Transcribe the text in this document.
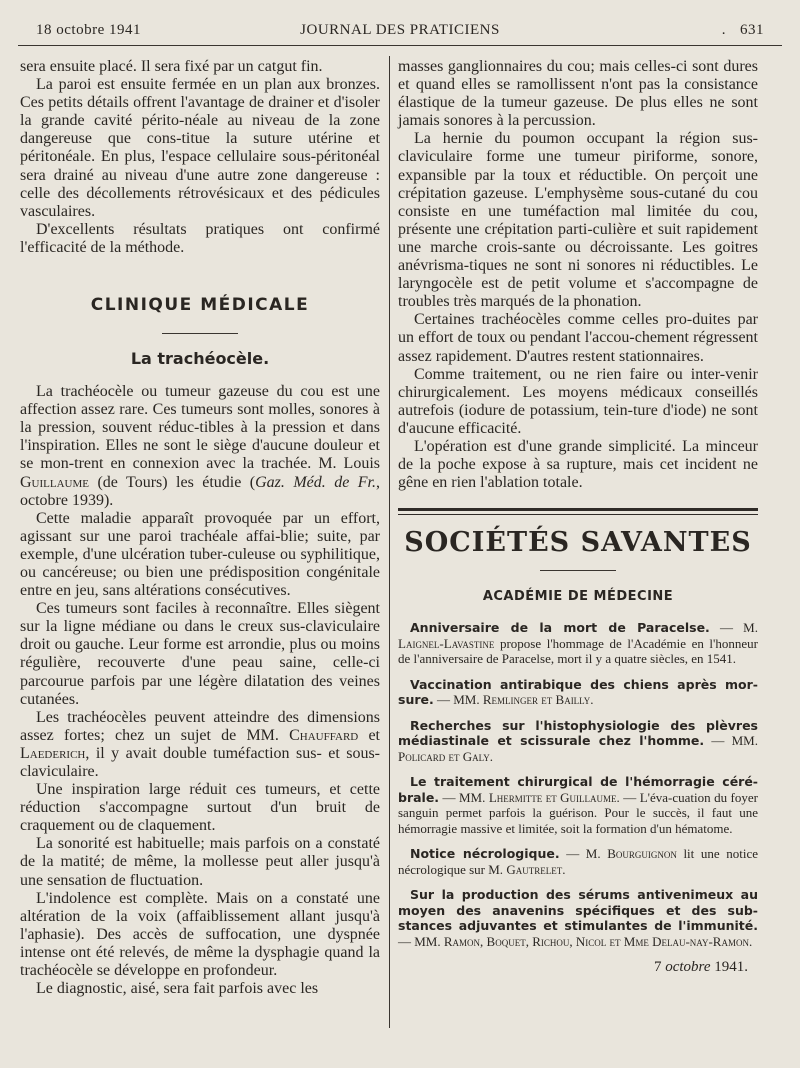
18 octobre 1941	JOURNAL DES PRATICIENS	. 631

sera ensuite placé. Il sera fixé par un catgut fin.

La paroi est ensuite fermée en un plan aux bronzes. Ces petits détails offrent l'avantage de drainer et d'isoler la grande cavité périto-néale au niveau de la zone dangereuse que cons-titue la suture utérine et péritonéale. En plus, l'espace cellulaire sous-péritonéal sera drainé au niveau d'une autre zone dangereuse : celle des décollements rétrovésicaux et des pédicules vasculaires.

D'excellents résultats pratiques ont confirmé l'efficacité de la méthode.

CLINIQUE MÉDICALE
La trachéocèle.

La trachéocèle ou tumeur gazeuse du cou est une affection assez rare. Ces tumeurs sont molles, sonores à la pression, souvent réduc-tibles à la pression et dans l'inspiration. Elles ne sont le siège d'aucune douleur et se mon-trent en connexion avec la trachée. M. Louis Guillaume (de Tours) les étudie (Gaz. Méd. de Fr., octobre 1939).

Cette maladie apparaît provoquée par un effort, agissant sur une paroi trachéale affai-blie; suite, par exemple, d'une ulcération tuber-culeuse ou syphilitique, ou cancéreuse; ou bien une prédisposition congénitale entre en jeu, sans altérations consécutives.

Ces tumeurs sont faciles à reconnaître. Elles siègent sur la ligne médiane ou dans le creux sus-claviculaire droit ou gauche. Leur forme est arrondie, plus ou moins régulière, recouverte d'une peau saine, celle-ci parcourue parfois par une légère dilatation des veines cutanées.

Les trachéocèles peuvent atteindre des dimensions assez fortes; chez un sujet de MM. Chauffard et Laederich, il y avait double tuméfaction sus- et sous-claviculaire.

Une inspiration large réduit ces tumeurs, et cette réduction s'accompagne surtout d'un bruit de craquement ou de claquement.

La sonorité est habituelle; mais parfois on a constaté de la matité; de même, la mollesse peut aller jusqu'à une sensation de fluctuation.

L'indolence est complète. Mais on a constaté une altération de la voix (affaiblissement allant jusqu'à l'aphasie). Des accès de suffocation, une dyspnée intense ont été relevés, de même la dysphagie quand la trachéocèle se développe en profondeur.

Le diagnostic, aisé, sera fait parfois avec les

masses ganglionnaires du cou; mais celles-ci sont dures et quand elles se ramollissent n'ont pas la consistance élastique de la tumeur gazeuse. De plus elles ne sont jamais sonores à la percussion.

La hernie du poumon occupant la région sus-claviculaire forme une tumeur piriforme, sonore, expansible par la toux et réductible. On perçoit une crépitation gazeuse. L'emphysème sous-cutané du cou consiste en une tuméfaction mal limitée du cou, présente une crépitation parti-culière et suit rapidement une marche crois-sante ou décroissante. Les goitres anévrisma-tiques ne sont ni sonores ni réductibles. Le laryngocèle est de petit volume et s'accompagne de troubles très marqués de la phonation.

Certaines trachéocèles comme celles pro-duites par un effort de toux ou pendant l'accou-chement régressent assez rapidement. D'autres restent stationnaires.

Comme traitement, ou ne rien faire ou inter-venir chirurgicalement. Les moyens médicaux conseillés autrefois (iodure de potassium, tein-ture d'iode) ne sont d'aucune efficacité.

L'opération est d'une grande simplicité. La minceur de la poche expose à sa rupture, mais cet incident ne gêne en rien l'ablation totale.

SOCIÉTÉS SAVANTES
ACADÉMIE DE MÉDECINE

Anniversaire de la mort de Paracelse. — M. Laignel-Lavastine propose l'hommage de l'Académie en l'honneur de l'anniversaire de Paracelse, mort il y a quatre siècles, en 1541.

Vaccination antirabique des chiens après mor-sure. — MM. Remlinger et Bailly.

Recherches sur l'histophysiologie des plèvres médiastinale et scissurale chez l'homme. — MM. Policard et Galy.

Le traitement chirurgical de l'hémorragie céré-brale. — MM. Lhermitte et Guillaume. — L'éva-cuation du foyer sanguin permet parfois la guérison. Pour le succès, il faut une hémorragie massive et limitée, soit la formation d'un hématome.

Notice nécrologique. — M. Bourguignon lit une notice nécrologique sur M. Gautrelet.

Sur la production des sérums antivenimeux au moyen des anavenins spécifiques et des sub-stances adjuvantes et stimulantes de l'immunité. — MM. Ramon, Boquet, Richou, Nicol et Mme Delau-nay-Ramon.

7 octobre 1941.
